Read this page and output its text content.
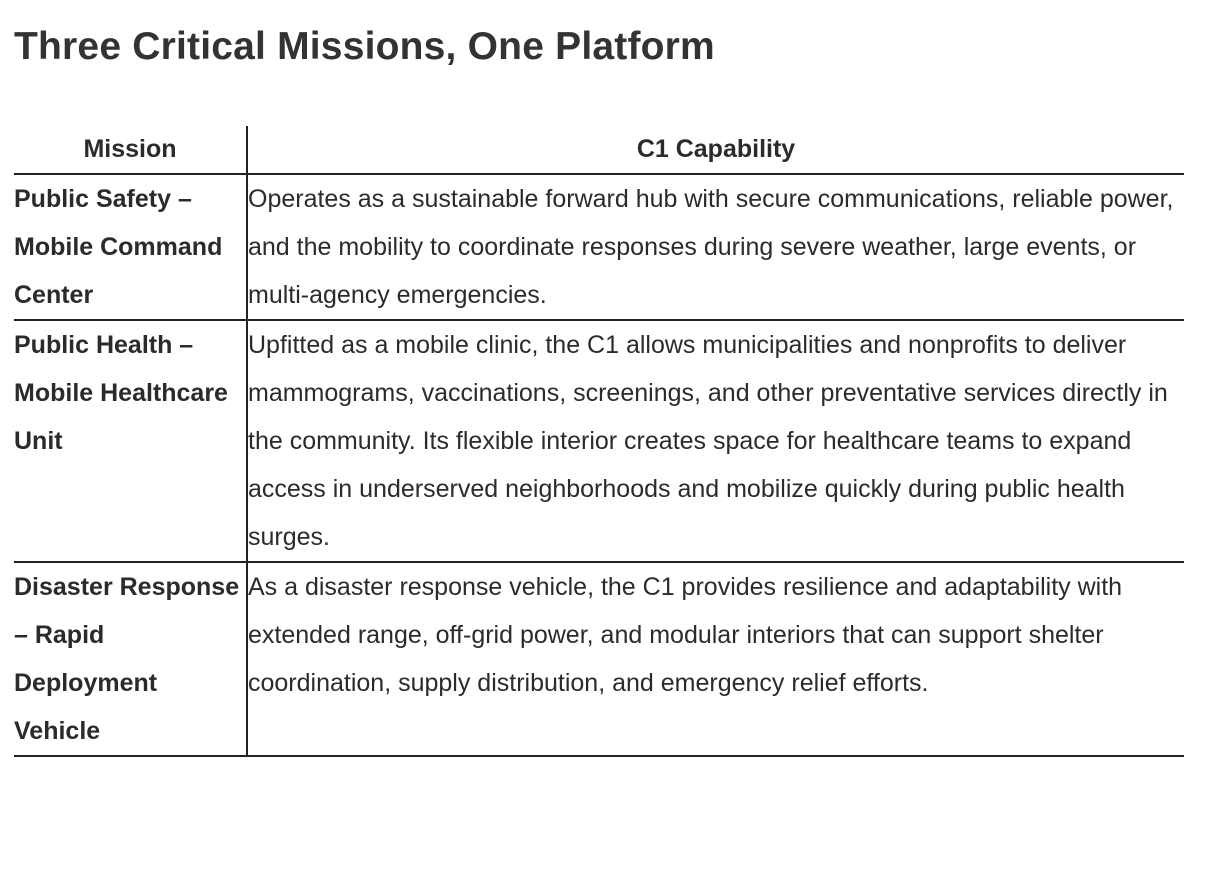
Three Critical Missions, One Platform
Mission	C1 Capability
Public Safety – Mobile Command Center	Operates as a sustainable forward hub with secure communications, reliable power, and the mobility to coordinate responses during severe weather, large events, or multi-agency emergencies.
Public Health – Mobile Healthcare Unit	Upfitted as a mobile clinic, the C1 allows municipalities and nonprofits to deliver mammograms, vaccinations, screenings, and other preventative services directly in the community. Its flexible interior creates space for healthcare teams to expand access in underserved neighborhoods and mobilize quickly during public health surges.
Disaster Response – Rapid Deployment Vehicle	As a disaster response vehicle, the C1 provides resilience and adaptability with extended range, off-grid power, and modular interiors that can support shelter coordination, supply distribution, and emergency relief efforts.
